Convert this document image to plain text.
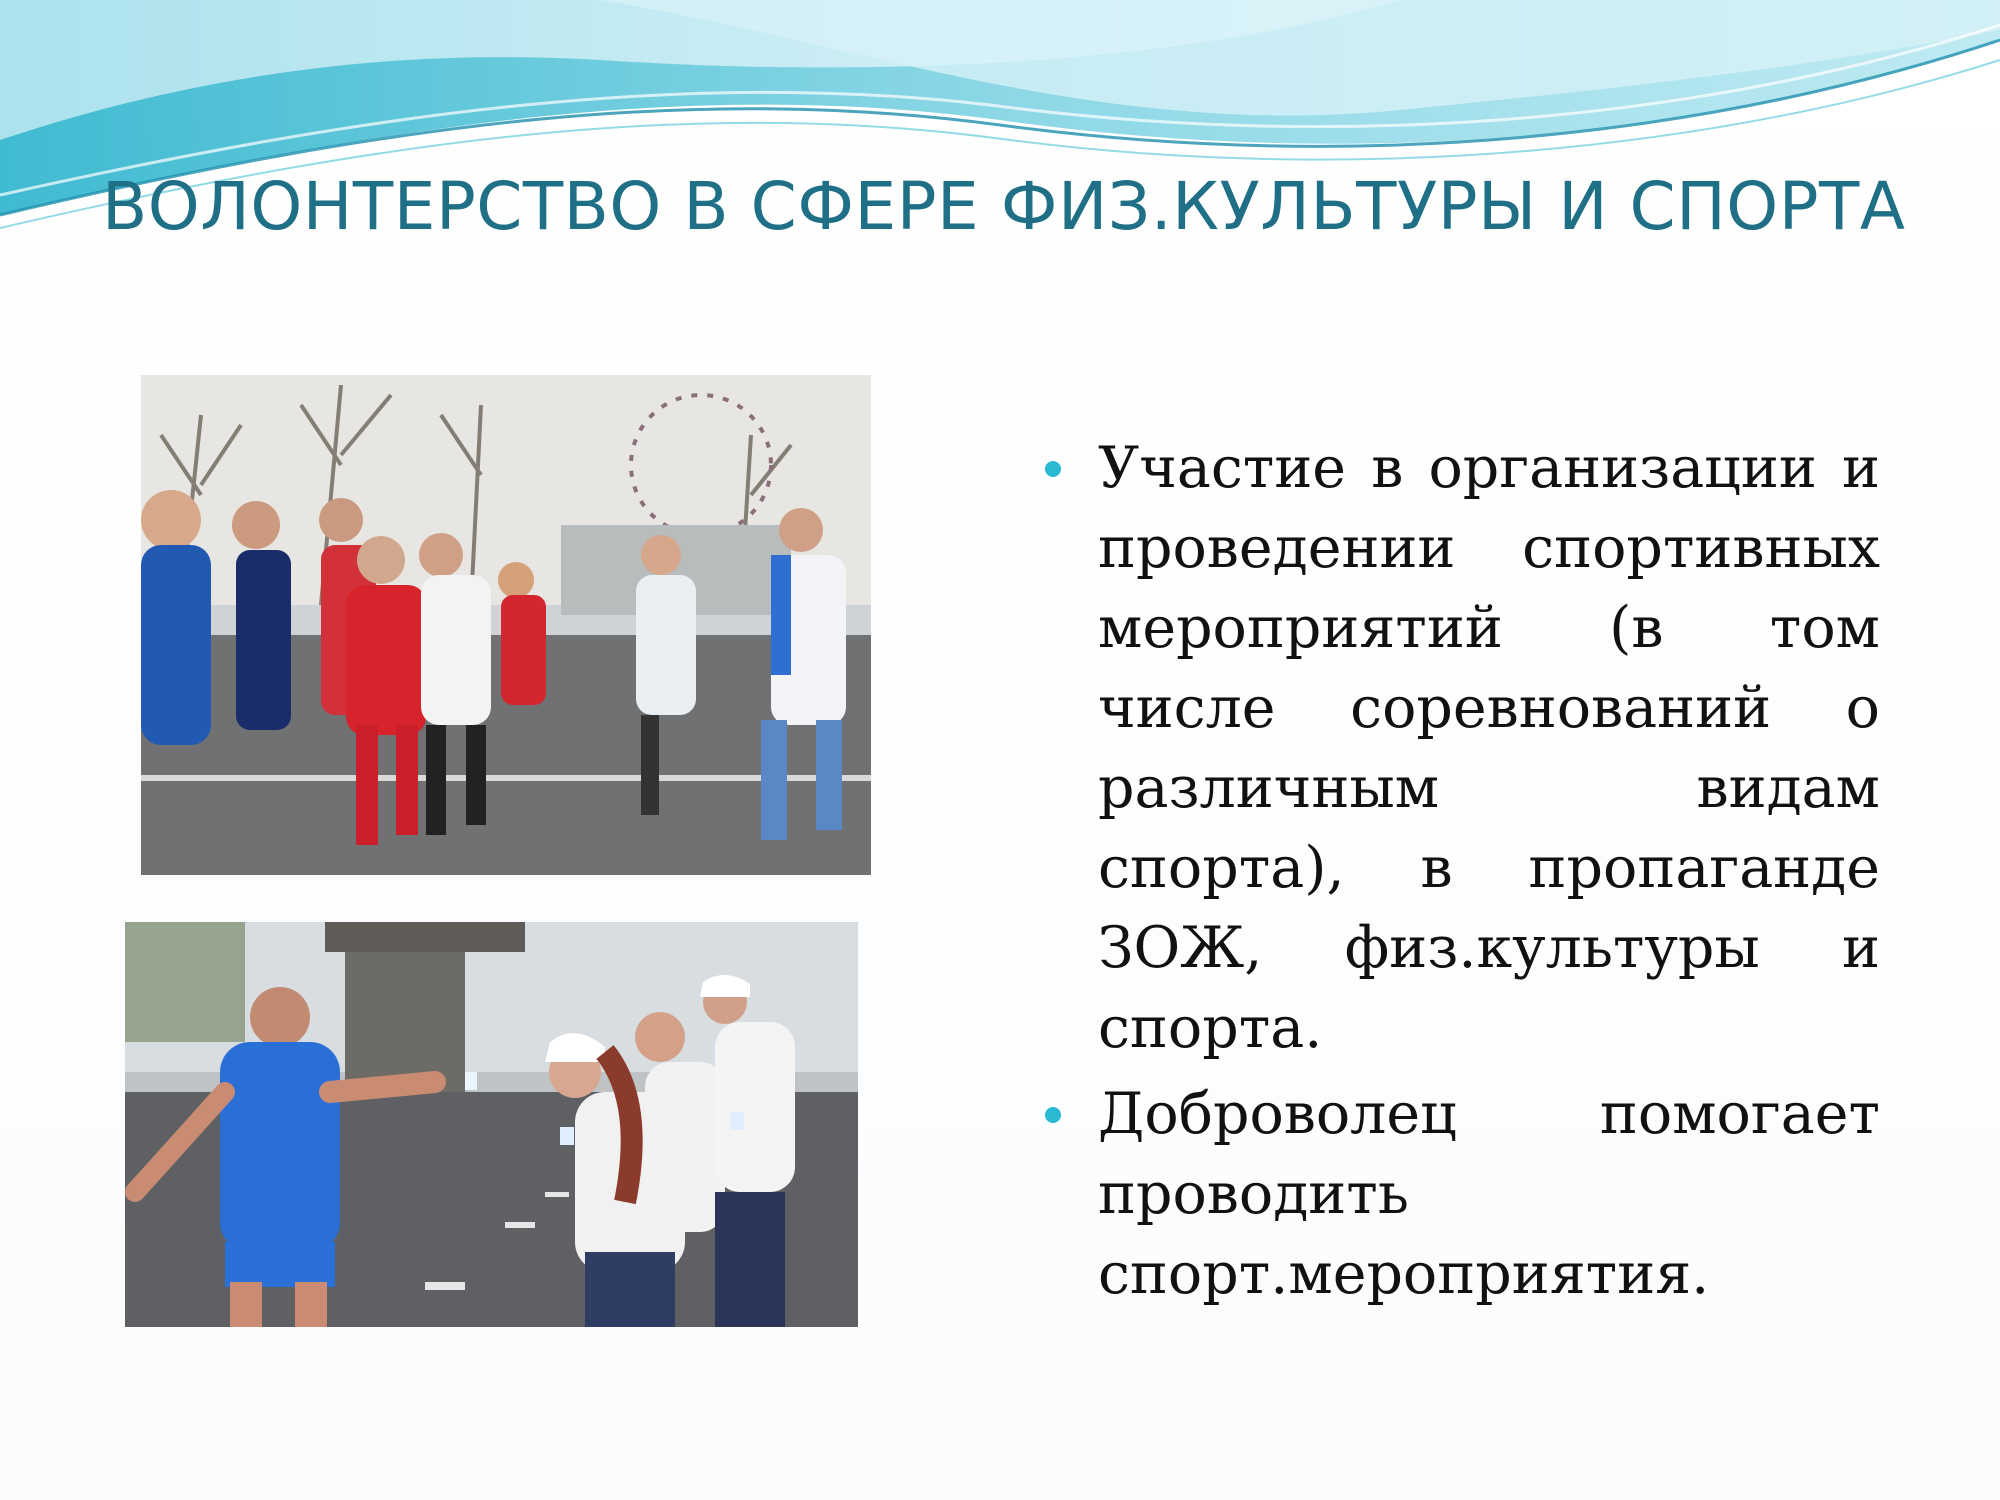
ВОЛОНТЕРСТВО В СФЕРЕ ФИЗ.КУЛЬТУРЫ И СПОРТА
Участие в организации и проведении спортивных мероприятий (в том числе соревнований о различным видам спорта), в пропаганде ЗОЖ, физ.культуры и спорта.
Доброволец помогает проводить спорт.мероприятия.
